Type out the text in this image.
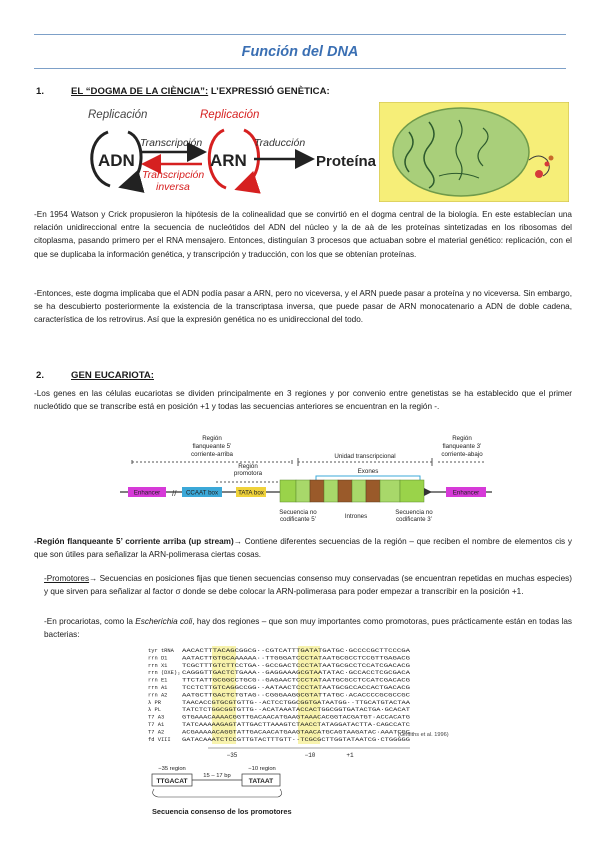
Función del DNA
1.	EL “DOGMA DE LA CIÈNCIA”: L’EXPRESSIÓ GENÈTICA:
Replicación	Replicación
ADN	ARN	Proteína
Transcripción
Transcripción
inversa
Traducción

-En 1954 Watson y Crick propusieron la hipótesis de la colinealidad que se convirtió en el dogma central de la biología. En este establecían una relación unidireccional entre la secuencia de nucleótidos del ADN del núcleo y la de aà de les proteínas sintetizadas en los ribosomas del citoplasma, pasando primero per el RNA mensajero. Entonces, distinguían 3 procesos que actuaban sobre el material genético: replicación, con el que se duplicaba la información genética, y transcripción y traducción, con los que se obtenían proteínas.

-Entonces, este dogma implicaba que el ADN podía pasar a ARN, pero no viceversa, y el ARN puede pasar a proteína y no viceversa. Sin embargo, se ha descubierto posteriormente la existencia de la transcriptasa inversa, que puede pasar de ARN monocatenario a ADN de doble cadena, característica de los retrovirus. Así que la expresión genética no es unidireccional del todo.

2.	GEN EUCARIOTA:

-Los genes en las células eucariotas se dividen principalmente en 3 regiones y por convenio entre genetistas se ha establecido que el primer nucleótido que se transcribe está en posición +1 y todas las secuencias anteriores se encuentran en la región -.

Región flanqueante 5’ corriente-arriba	Unidad transcripcional
Región flanqueante 3’ corriente-abajo
Región promotora	Exones
Enhancer // CCAAT box	TATA box	Enhancer
Intrones
Secuencia no codificante 5’
Secuencia no codificante 3’

-Región flanqueante 5’ corriente arriba (up stream)→ Contiene diferentes secuencias de la región – que reciben el nombre de elementos cis y que son útiles para señalizar la ARN-polimerasa ciertas cosas.

-Promotores→ Secuencias en posiciones fijas que tienen secuencias consenso muy conservadas (se encuentran repetidas en muchas especies) y que sirven para señalizar al factor σ donde se debe colocar la ARN-polimerasa para poder empezar a transcribir en la posición +1.

-En procariotas, como la Escherichia coli, hay dos regiones – que son muy importantes como promotoras, pues prácticamente están en todas las bacterias:

tyr tRNA AACACTTTACAGCGGCG··CGTCATTTGATATGATGC·GCCCCGCTTCCCGA
rrn D1	AATACTTGTGCAAAAAA··TTGGGATCCCTATAATGCGCCTCCGTTGAGACG
rrn X1	TCGCTTTGTCTTCCTGA··GCCGACTCCCTATAATGCGCCTCCATCGACACG
rrn (DXE)₂ CAGGGTTGACTCTGAAA··GAGGAAAGCGTAATATAC·GCCACCTCGCGACA
rrn E1	TTCTATTGCGGCCTGCG··GAGAACTCCCTATAATGCGCCTCCATCGACACG
rrn A1	TCCTCTTGTCAGGCCGG··AATAACTCCCTATAATGCGCCACCACTGACACG
rrn A2	AATGCTTGACTCTGTAG··CGGGAAGGCGTATTATGC·ACACCCCGCGCCGC
λ PR	TAACACCGTGCGTGTTG··ACTCCTGGCGGTGATAATGG··TTGCATGTACTAA
λ PL	TATCTCTGGCGGTGTTG··ACATAAATACCACTGGCGGTGATACTGA·GCACAT
T7 A3	GTGAAACAAAACGGTTGACAACATGAAGTAAACACGGTACGATGT·ACCACATG
T7 A1	TATCAAAAAGAGTATTGACTTAAAGTCTAACCTATAGGATACTTA·CAGCCATC
T7 A2	ACGAAAAACAGGTATTGACAACATGAAGTAACATGCAGTAAGATAC·AAATCGC
fd VIII GATACAAATCTCCGTTGTACTTTGTT··TCGCGCTTGGTATAATCG·CTGGGGG
−35	−10	+1
(Griffiths et al. 1996)
−35 region	−10 region
TTGACAT
15 – 17 bp
TATAAT
Secuencia consenso de los promotores
